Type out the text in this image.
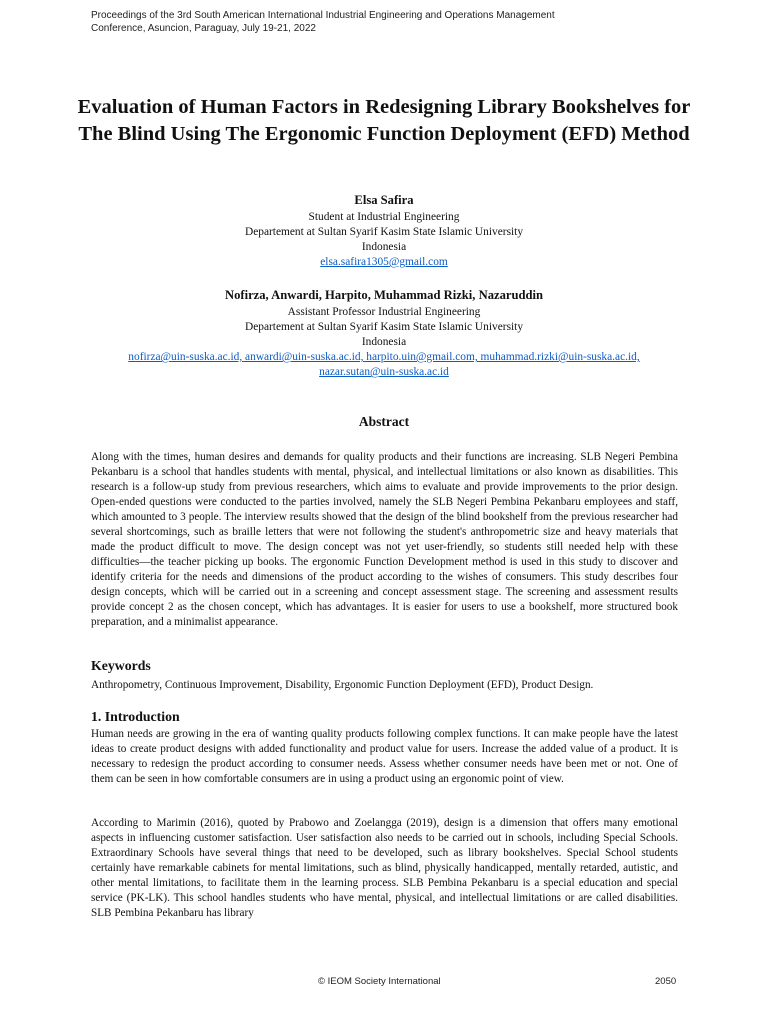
Proceedings of the 3rd South American International Industrial Engineering and Operations Management
Conference, Asuncion, Paraguay, July 19-21, 2022
Evaluation of Human Factors in Redesigning Library Bookshelves for The Blind Using The Ergonomic Function Deployment (EFD) Method
Elsa Safira
Student at Industrial Engineering
Departement at Sultan Syarif Kasim State Islamic University
Indonesia
elsa.safira1305@gmail.com
Nofirza, Anwardi, Harpito, Muhammad Rizki, Nazaruddin
Assistant Professor Industrial Engineering
Departement at Sultan Syarif Kasim State Islamic University
Indonesia
nofirza@uin-suska.ac.id, anwardi@uin-suska.ac.id, harpito.uin@gmail.com, muhammad.rizki@uin-suska.ac.id,
nazar.sutan@uin-suska.ac.id
Abstract

Along with the times, human desires and demands for quality products and their functions are increasing. SLB Negeri Pembina Pekanbaru is a school that handles students with mental, physical, and intellectual limitations or also known as disabilities. This research is a follow-up study from previous researchers, which aims to evaluate and provide improvements to the prior design. Open-ended questions were conducted to the parties involved, namely the SLB Negeri Pembina Pekanbaru employees and staff, which amounted to 3 people. The interview results showed that the design of the blind bookshelf from the previous researcher had several shortcomings, such as braille letters that were not following the student's anthropometric size and heavy materials that made the product difficult to move. The design concept was not yet user-friendly, so students still needed help with these difficulties—the teacher picking up books. The ergonomic Function Development method is used in this study to discover and identify criteria for the needs and dimensions of the product according to the wishes of consumers. This study describes four design concepts, which will be carried out in a screening and concept assessment stage. The screening and assessment results provide concept 2 as the chosen concept, which has advantages. It is easier for users to use a bookshelf, more structured book preparation, and a minimalist appearance.

Keywords

Anthropometry, Continuous Improvement, Disability, Ergonomic Function Deployment (EFD), Product Design.

1. Introduction

Human needs are growing in the era of wanting quality products following complex functions. It can make people have the latest ideas to create product designs with added functionality and product value for users. Increase the added value of a product. It is necessary to redesign the product according to consumer needs. Assess whether consumer needs have been met or not. One of them can be seen in how comfortable consumers are in using a product using an ergonomic point of view.

According to Marimin (2016), quoted by Prabowo and Zoelangga (2019), design is a dimension that offers many emotional aspects in influencing customer satisfaction. User satisfaction also needs to be carried out in schools, including Special Schools. Extraordinary Schools have several things that need to be developed, such as library bookshelves. Special School students certainly have remarkable cabinets for mental limitations, such as blind, physically handicapped, mentally retarded, autistic, and other mental limitations, to facilitate them in the learning process. SLB Pembina Pekanbaru is a special education and special service (PK-LK). This school handles students who have mental, physical, and intellectual limitations or are called disabilities. SLB Pembina Pekanbaru has library

© IEOM Society International	2050
